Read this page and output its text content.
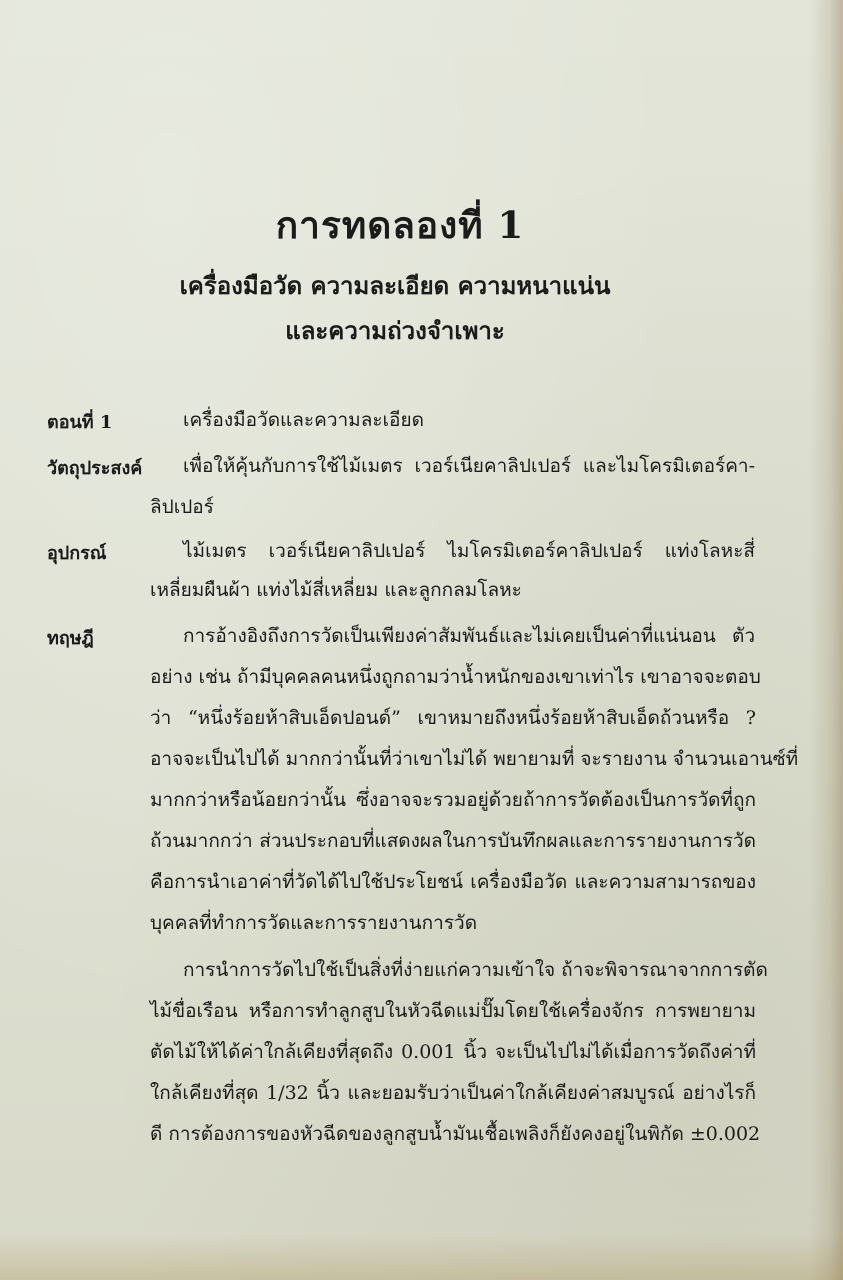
การทดลองที่ 1
เครื่องมือวัด ความละเอียด ความหนาแน่น
และความถ่วงจำเพาะ
ตอนที่ 1	เครื่องมือวัดและความละเอียด
วัตถุประสงค์ เพื่อให้คุ้นกับการใช้ไม้เมตร เวอร์เนียคาลิปเปอร์ และไมโครมิเตอร์คา-
ลิปเปอร์
อุปกรณ์	ไม้เมตร เวอร์เนียคาลิปเปอร์ ไมโครมิเตอร์คาลิปเปอร์ แท่งโลหะสี่
เหลี่ยมผืนผ้า แท่งไม้สี่เหลี่ยม และลูกกลมโลหะ
ทฤษฎี	การอ้างอิงถึงการวัดเป็นเพียงค่าสัมพันธ์และไม่เคยเป็นค่าที่แน่นอน ตัว
อย่าง เช่น ถ้ามีบุคคลคนหนึ่งถูกถามว่าน้ำหนักของเขาเท่าไร เขาอาจจะตอบ
ว่า “หนึ่งร้อยห้าสิบเอ็ดปอนด์” เขาหมายถึงหนึ่งร้อยห้าสิบเอ็ดถ้วนหรือ ?
อาจจะเป็นไปได้ มากกว่านั้นที่ว่าเขาไม่ได้ พยายามที่ จะรายงาน จำนวนเอานซ์ที่
มากกว่าหรือน้อยกว่านั้น ซึ่งอาจจะรวมอยู่ด้วยถ้าการวัดต้องเป็นการวัดที่ถูก
ถ้วนมากกว่า ส่วนประกอบที่แสดงผลในการบันทึกผลและการรายงานการวัด
คือการนำเอาค่าที่วัดได้ไปใช้ประโยชน์ เครื่องมือวัด และความสามารถของ
บุคคลที่ทำการวัดและการรายงานการวัด
การนำการวัดไปใช้เป็นสิ่งที่ง่ายแก่ความเข้าใจ ถ้าจะพิจารณาจากการตัด
ไม้ขื่อเรือน หรือการทำลูกสูบในหัวฉีดแม่ปั๊มโดยใช้เครื่องจักร การพยายาม
ตัดไม้ให้ได้ค่าใกล้เคียงที่สุดถึง 0.001 นิ้ว จะเป็นไปไม่ได้เมื่อการวัดถึงค่าที่
ใกล้เคียงที่สุด 1/32 นิ้ว และยอมรับว่าเป็นค่าใกล้เคียงค่าสมบูรณ์ อย่างไรก็
ดี การต้องการของหัวฉีดของลูกสูบน้ำมันเชื้อเพลิงก็ยังคงอยู่ในพิกัด ±0.002
